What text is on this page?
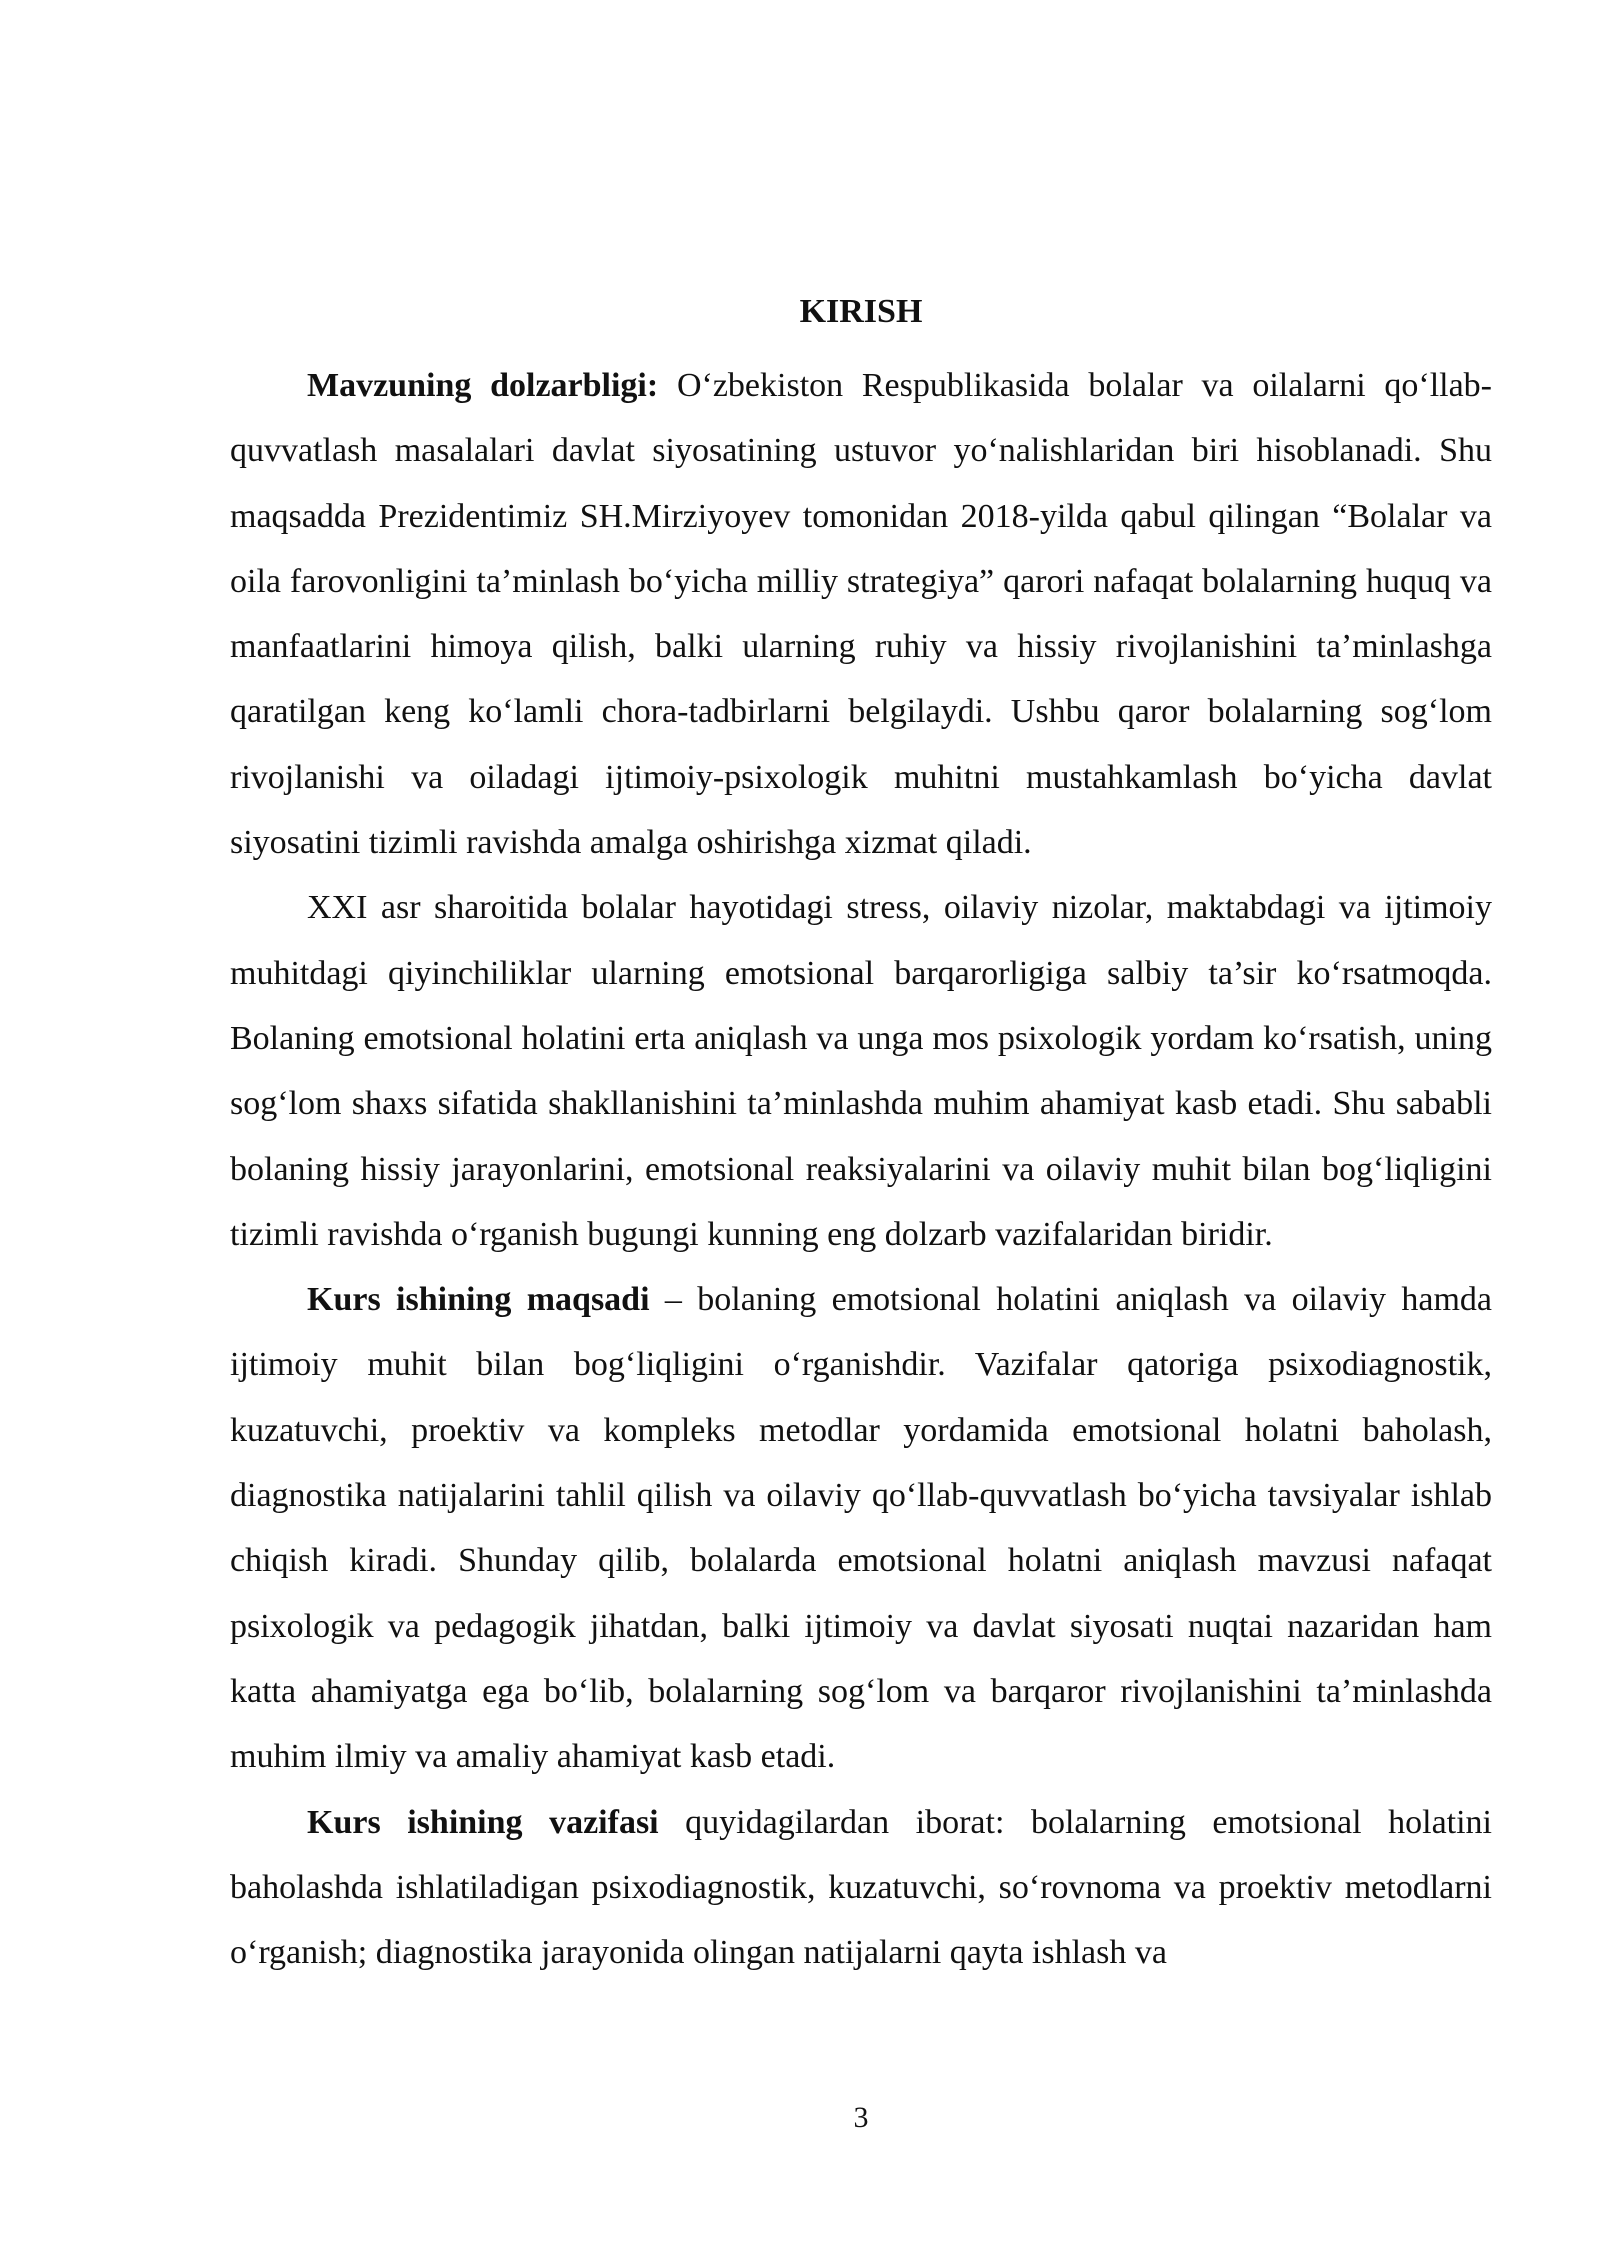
KIRISH

Mavzuning dolzarbligi: O‘zbekiston Respublikasida bolalar va oilalarni qo‘llab-quvvatlash masalalari davlat siyosatining ustuvor yo‘nalishlaridan biri hisoblanadi. Shu maqsadda Prezidentimiz SH.Mirziyoyev tomonidan 2018-yilda qabul qilingan “Bolalar va oila farovonligini ta’minlash bo‘yicha milliy strategiya” qarori nafaqat bolalarning huquq va manfaatlarini himoya qilish, balki ularning ruhiy va hissiy rivojlanishini ta’minlashga qaratilgan keng ko‘lamli chora-tadbirlarni belgilaydi. Ushbu qaror bolalarning sog‘lom rivojlanishi va oiladagi ijtimoiy-psixologik muhitni mustahkamlash bo‘yicha davlat siyosatini tizimli ravishda amalga oshirishga xizmat qiladi.

XXI asr sharoitida bolalar hayotidagi stress, oilaviy nizolar, maktabdagi va ijtimoiy muhitdagi qiyinchiliklar ularning emotsional barqarorligiga salbiy ta’sir ko‘rsatmoqda. Bolaning emotsional holatini erta aniqlash va unga mos psixologik yordam ko‘rsatish, uning sog‘lom shaxs sifatida shakllanishini ta’minlashda muhim ahamiyat kasb etadi. Shu sababli bolaning hissiy jarayonlarini, emotsional reaksiyalarini va oilaviy muhit bilan bog‘liqligini tizimli ravishda o‘rganish bugungi kunning eng dolzarb vazifalaridan biridir.

Kurs ishining maqsadi – bolaning emotsional holatini aniqlash va oilaviy hamda ijtimoiy muhit bilan bog‘liqligini o‘rganishdir. Vazifalar qatoriga psixodiagnostik, kuzatuvchi, proektiv va kompleks metodlar yordamida emotsional holatni baholash, diagnostika natijalarini tahlil qilish va oilaviy qo‘llab-quvvatlash bo‘yicha tavsiyalar ishlab chiqish kiradi. Shunday qilib, bolalarda emotsional holatni aniqlash mavzusi nafaqat psixologik va pedagogik jihatdan, balki ijtimoiy va davlat siyosati nuqtai nazaridan ham katta ahamiyatga ega bo‘lib, bolalarning sog‘lom va barqaror rivojlanishini ta’minlashda muhim ilmiy va amaliy ahamiyat kasb etadi.

Kurs ishining vazifasi quyidagilardan iborat: bolalarning emotsional holatini baholashda ishlatiladigan psixodiagnostik, kuzatuvchi, so‘rovnoma va proektiv metodlarni o‘rganish; diagnostika jarayonida olingan natijalarni qayta ishlash va

3
